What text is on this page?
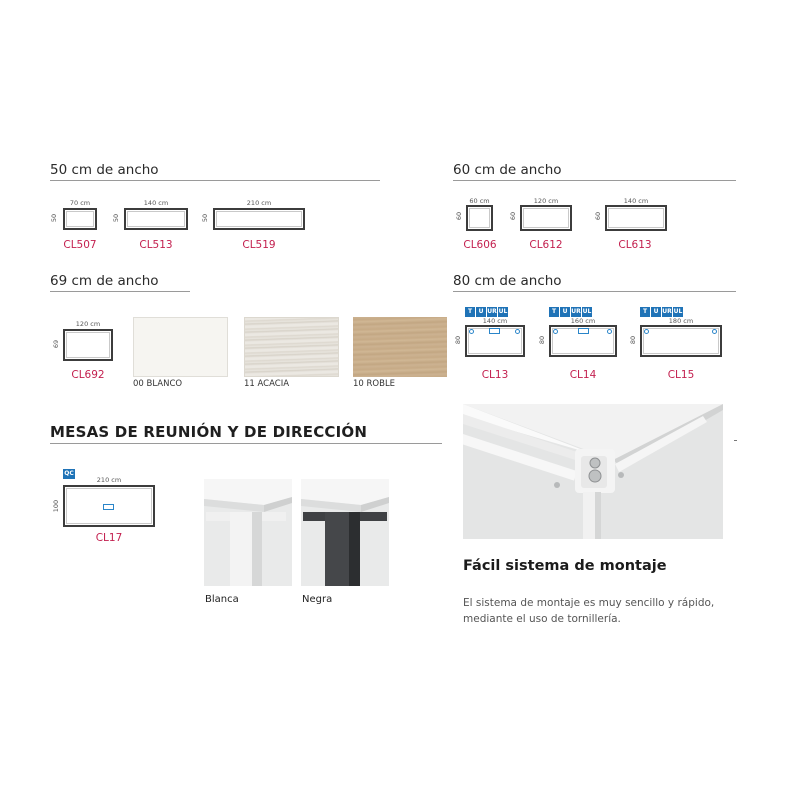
50 cm de ancho
70 cm
50
CL507
140 cm
50
CL513
210 cm
50
CL519
60 cm de ancho
60 cm
60
CL606
120 cm
60
CL612
140 cm
60
CL613
69 cm de ancho
120 cm
69
CL692
00 BLANCO	11 ACACIA	10 ROBLE
80 cm de ancho
T U UR UL
140 cm
80
CL13
T U UR UL
160 cm
80
CL14
T U UR UL
180 cm
80
CL15
MESAS DE REUNIÓN Y DE DIRECCIÓN
QC
210 cm
100
CL17
Blanca	Negra
Fácil sistema de montaje
El sistema de montaje es muy sencillo y rápido, mediante el uso de tornillería.
